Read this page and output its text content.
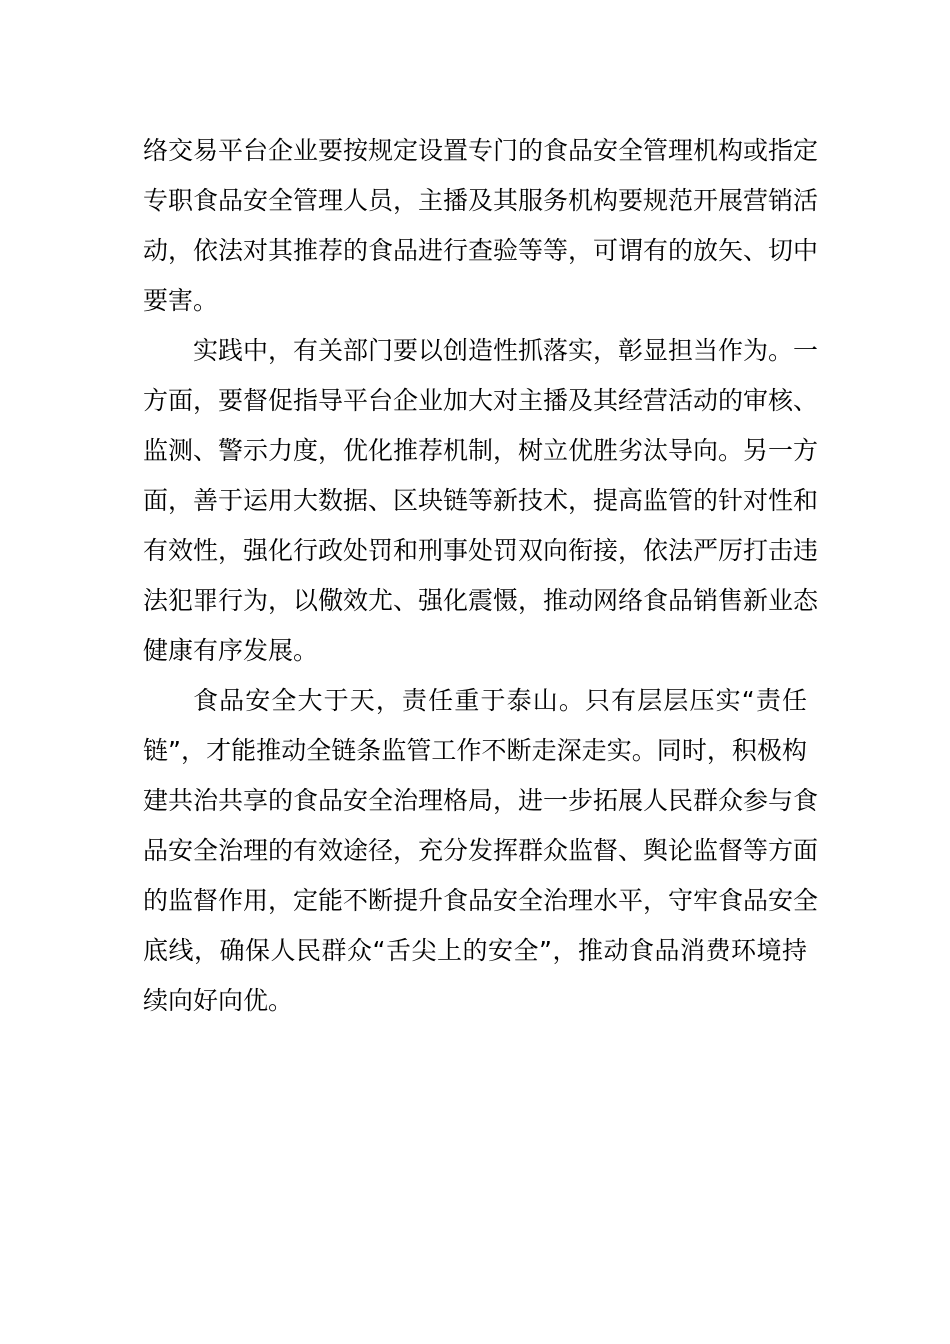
络交易平台企业要按规定设置专门的食品安全管理机构或指定
专职食品安全管理人员，主播及其服务机构要规范开展营销活
动，依法对其推荐的食品进行查验等等，可谓有的放矢、切中
要害。
实践中，有关部门要以创造性抓落实，彰显担当作为。一
方面，要督促指导平台企业加大对主播及其经营活动的审核、
监测、警示力度，优化推荐机制，树立优胜劣汰导向。另一方
面，善于运用大数据、区块链等新技术，提高监管的针对性和
有效性，强化行政处罚和刑事处罚双向衔接，依法严厉打击违
法犯罪行为，以儆效尤、强化震慑，推动网络食品销售新业态
健康有序发展。
食品安全大于天，责任重于泰山。只有层层压实“责任
链”，才能推动全链条监管工作不断走深走实。同时，积极构
建共治共享的食品安全治理格局，进一步拓展人民群众参与食
品安全治理的有效途径，充分发挥群众监督、舆论监督等方面
的监督作用，定能不断提升食品安全治理水平，守牢食品安全
底线，确保人民群众“舌尖上的安全”，推动食品消费环境持
续向好向优。
